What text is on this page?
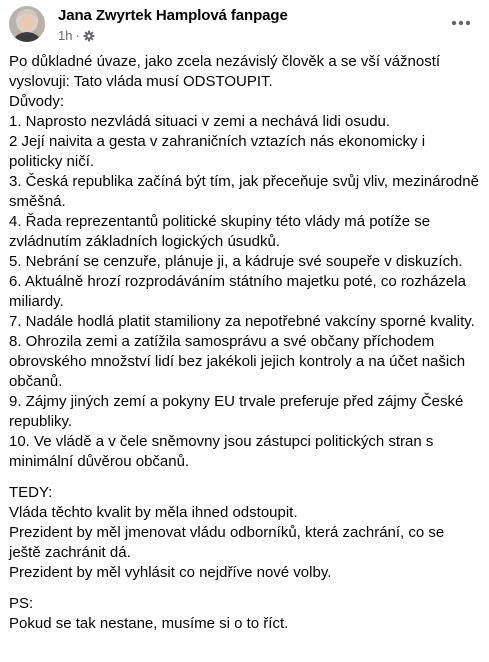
Jana Zwyrtek Hamplová fanpage
1h ·

Po důkladné úvaze, jako zcela nezávislý člověk a se vší vážností vyslovuji: Tato vláda musí ODSTOUPIT.

Důvody:

1. Naprosto nezvládá situaci v zemi a nechává lidi osudu.

2 Její naivita a gesta v zahraničních vztazích nás ekonomicky i politicky ničí.

3. Česká republika začíná být tím, jak přeceňuje svůj vliv, mezinárodně směšná.

4. Řada reprezentantů politické skupiny této vlády má potíže se zvládnutím základních logických úsudků.

5. Nebrání se cenzuře, plánuje ji, a kádruje své soupeře v diskuzích.

6. Aktuálně hrozí rozprodáváním státního majetku poté, co rozházela miliardy.

7. Nadále hodlá platit stamiliony za nepotřebné vakcíny sporné kvality.

8. Ohrozila zemi a zatížila samosprávu a své občany příchodem obrovského množství lidí bez jakékoli jejich kontroly a na účet našich občanů.

9. Zájmy jiných zemí a pokyny EU trvale preferuje před zájmy České republiky.

10. Ve vládě a v čele sněmovny jsou zástupci politických stran s minimální důvěrou občanů.

TEDY:

Vláda těchto kvalit by měla ihned odstoupit.

Prezident by měl jmenovat vládu odborníků, která zachrání, co se ještě zachránit dá.

Prezident by měl vyhlásit co nejdříve nové volby.

PS:

Pokud se tak nestane, musíme si o to říct.
